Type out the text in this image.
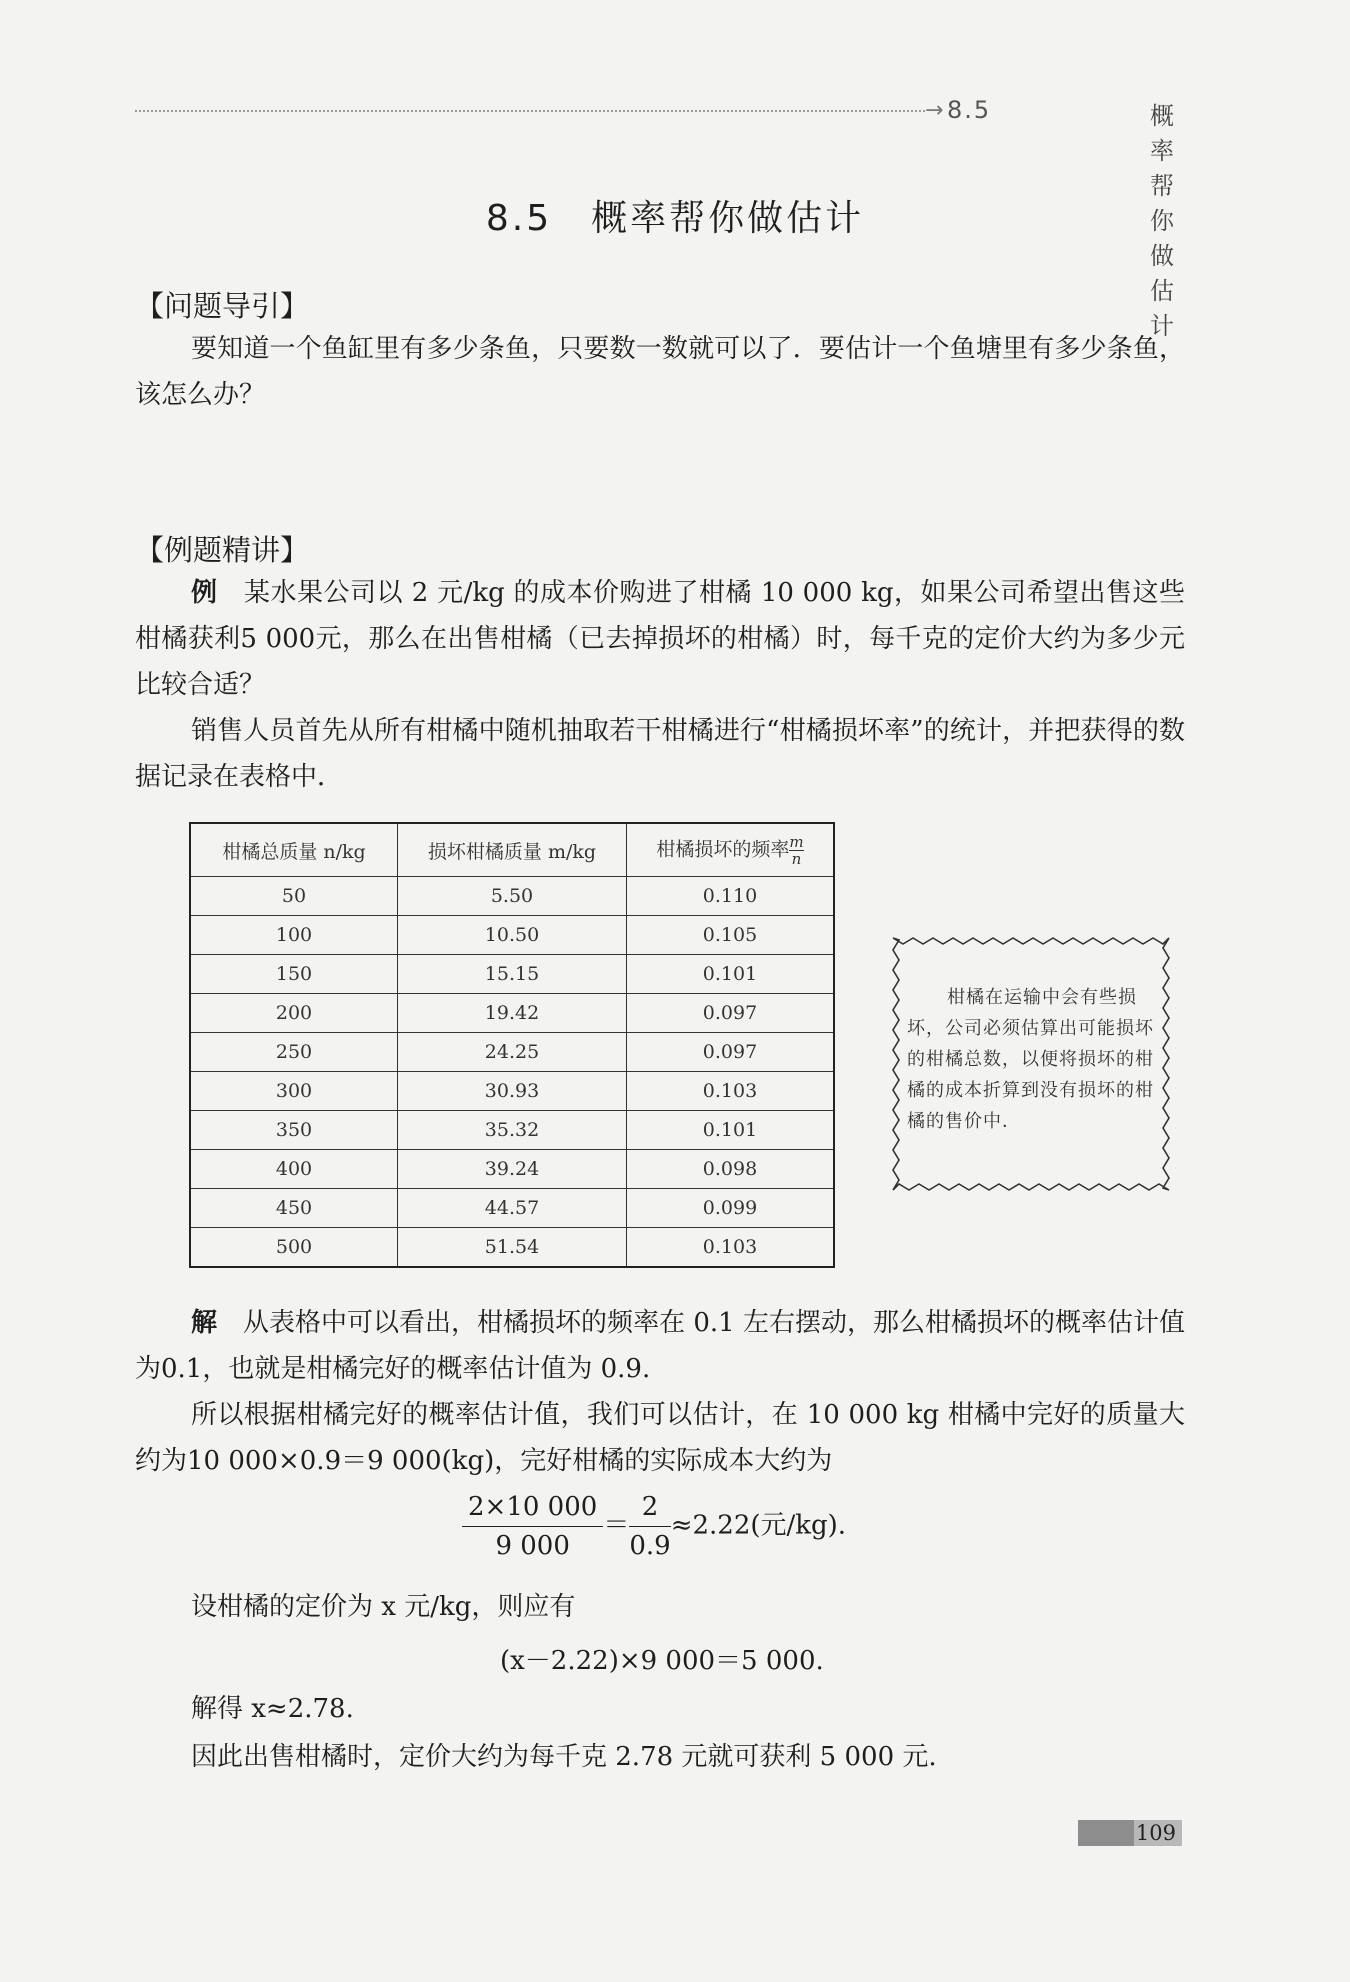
→ 8.5	概率帮你做估计
8.5　概率帮你做估计
【问题导引】

要知道一个鱼缸里有多少条鱼，只要数一数就可以了．要估计一个鱼塘里有多少条鱼，该怎么办？

【例题精讲】

例　 某水果公司以 2 元/kg 的成本价购进了柑橘 10 000 kg，如果公司希望出售这些柑橘获利5 000元，那么在出售柑橘（已去掉损坏的柑橘）时，每千克的定价大约为多少元比较合适？

销售人员首先从所有柑橘中随机抽取若干柑橘进行“柑橘损坏率”的统计，并把获得的数据记录在表格中．

柑橘总质量 n/kg	损坏柑橘质量 m/kg	柑橘损坏的频率 $\frac{m}{n}$

50	5.50	0.110
100	10.50	0.105
150	15.15	0.101
200	19.42	0.097
250	24.25	0.097
300	30.93	0.103
350	35.32	0.101
400	39.24	0.098
450	44.57	0.099
500	51.54	0.103

柑橘在运输中会有些损坏，公司必须估算出可能损坏的柑橘总数，以便将损坏的柑橘的成本折算到没有损坏的柑橘的售价中．

解　 从表格中可以看出，柑橘损坏的频率在 0.1 左右摆动，那么柑橘损坏的概率估计值为0.1，也就是柑橘完好的概率估计值为 0.9.

所以根据柑橘完好的概率估计值，我们可以估计，在 10 000 kg 柑橘中完好的质量大约为10 000×0.9＝9 000(kg)，完好柑橘的实际成本大约为

$\frac{2\times 10 000}{9 000} = \frac{2}{0.9} \approx 2.22$(元/kg).

设柑橘的定价为 x 元/kg，则应有

(x－2.22)×9 000＝5 000.

解得 x≈2.78.

因此出售柑橘时，定价大约为每千克 2.78 元就可获利 5 000 元.

109
